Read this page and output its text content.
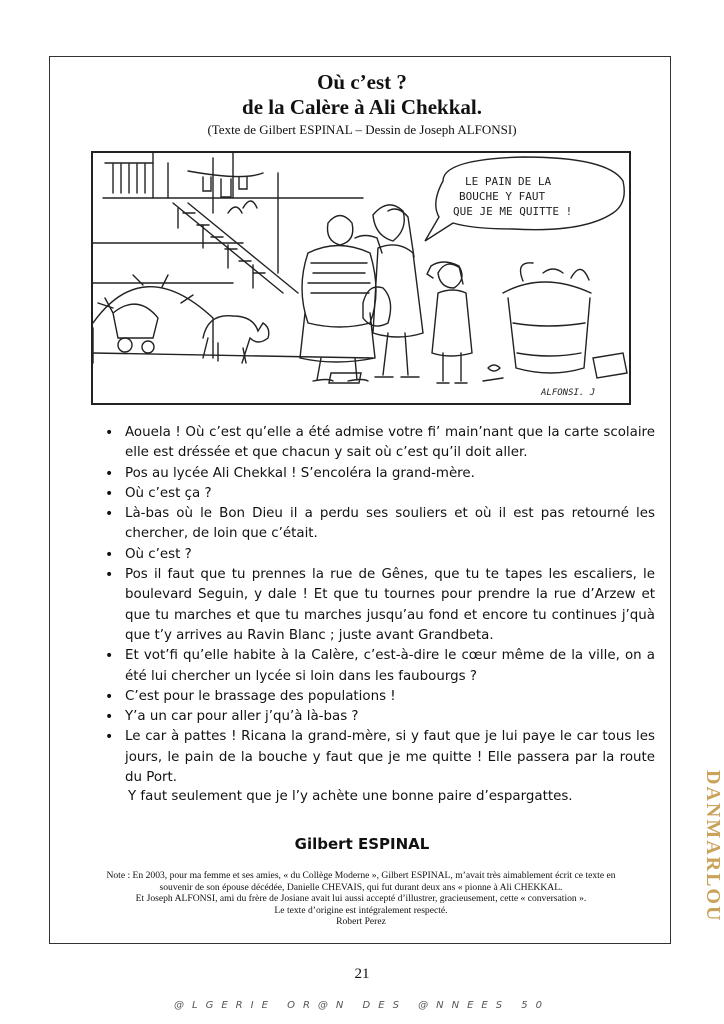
Où c’est ?
de la Calère à Ali Chekkal.
(Texte de Gilbert ESPINAL – Dessin de Joseph ALFONSI)
LE PAIN DE LA
BOUCHE Y FAUT
QUE JE ME QUITTE !
ALFONSI. J
• Aouela ! Où c’est qu’elle a été admise votre fi’ main’nant que la carte scolaire elle est dréssée et que chacun y sait où c’est qu’il doit aller.
• Pos au lycée Ali Chekkal ! S’encoléra la grand-mère.
• Où c’est ça ?
• Là-bas où le Bon Dieu il a perdu ses souliers et où il est pas retourné les chercher, de loin que c’était.
• Où c’est ?
• Pos il faut que tu prennes la rue de Gênes, que tu te tapes les escaliers, le boulevard Seguin, y dale ! Et que tu tournes pour prendre la rue d’Arzew et que tu marches et que tu marches jusqu’au fond et encore tu continues j’quà que t’y arrives au Ravin Blanc ; juste avant Grandbeta.
• Et vot’fi qu’elle habite à la Calère, c’est-à-dire le cœur même de la ville, on a été lui chercher un lycée si loin dans les faubourgs ?
• C’est pour le brassage des populations !
• Y’a un car pour aller j’qu’à là-bas ?
• Le car à pattes ! Ricana la grand-mère, si y faut que je lui paye le car tous les jours, le pain de la bouche y faut que je me quitte ! Elle passera par la route du Port.
Y faut seulement que je l’y achète une bonne paire d’espargattes.
Gilbert ESPINAL
Note : En 2003, pour ma femme et ses amies, « du Collège Moderne », Gilbert ESPINAL, m’avait très aimablement écrit ce texte en
souvenir de son épouse décédée, Danielle CHEVAIS, qui fut durant deux ans « pionne à Ali CHEKKAL.
Et Joseph ALFONSI, ami du frère de Josiane avait lui aussi accepté d’illustrer, gracieusement, cette « conversation ».
Le texte d’origine est intégralement respecté.
Robert Perez
21
@LGERIE OR@N DES @NNEES 50
DANMARLOU
